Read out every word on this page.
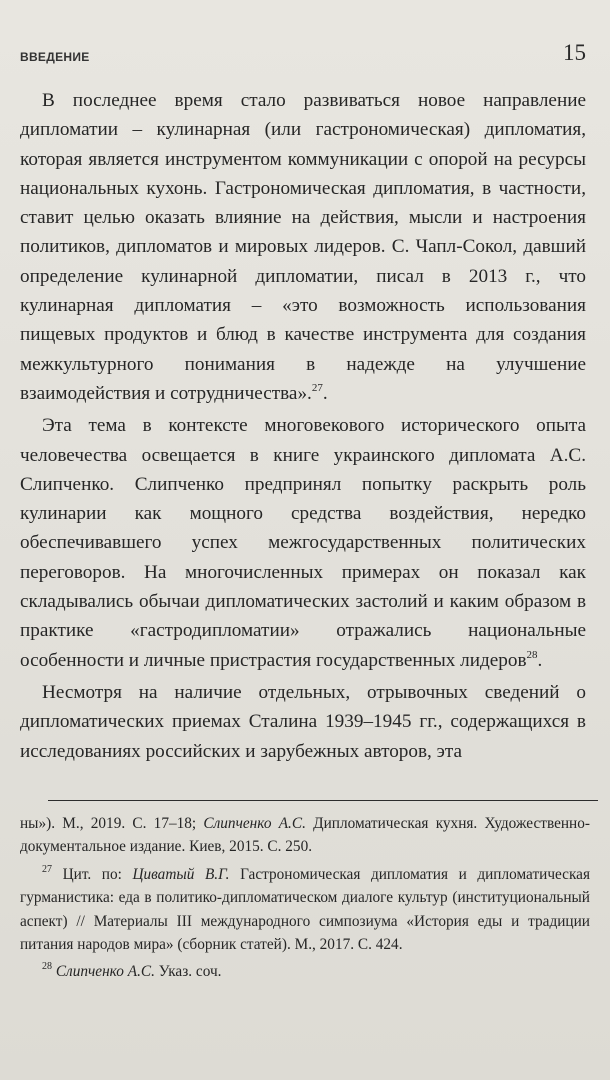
ВВЕДЕНИЕ	15

В последнее время стало развиваться новое направление дипломатии – кулинарная (или гастрономическая) дипломатия, которая является инструментом коммуникации с опорой на ресурсы национальных кухонь. Гастрономическая дипломатия, в частности, ставит целью оказать влияние на действия, мысли и настроения политиков, дипломатов и мировых лидеров. С. Чапл-Сокол, давший определение кулинарной дипломатии, писал в 2013 г., что кулинарная дипломатия – «это возможность использования пищевых продуктов и блюд в качестве инструмента для создания межкультурного понимания в надежде на улучшение взаимодействия и сотрудничества».$^{27}$.

Эта тема в контексте многовекового исторического опыта человечества освещается в книге украинского дипломата А.С. Слипченко. Слипченко предпринял попытку раскрыть роль кулинарии как мощного средства воздействия, нередко обеспечивавшего успех межгосударственных политических переговоров. На многочисленных примерах он показал как складывались обычаи дипломатических застолий и каким образом в практике «гастродипломатии» отражались национальные особенности и личные пристрастия государственных лидеров$^{28}$.

Несмотря на наличие отдельных, отрывочных сведений о дипломатических приемах Сталина 1939–1945 гг., содержащихся в исследованиях российских и зарубежных авторов, эта

ны»). М., 2019. С. 17–18; Слипченко А.С. Дипломатическая кухня. Художественно-документальное издание. Киев, 2015. С. 250.

$^{27}$ Цит. по: Циватый В.Г. Гастрономическая дипломатия и дипломатическая гурманистика: еда в политико-дипломатическом диалоге культур (институциональный аспект) // Материалы III международного симпозиума «История еды и традиции питания народов мира» (сборник статей). М., 2017. С. 424.

$^{28}$ Слипченко А.С. Указ. соч.
